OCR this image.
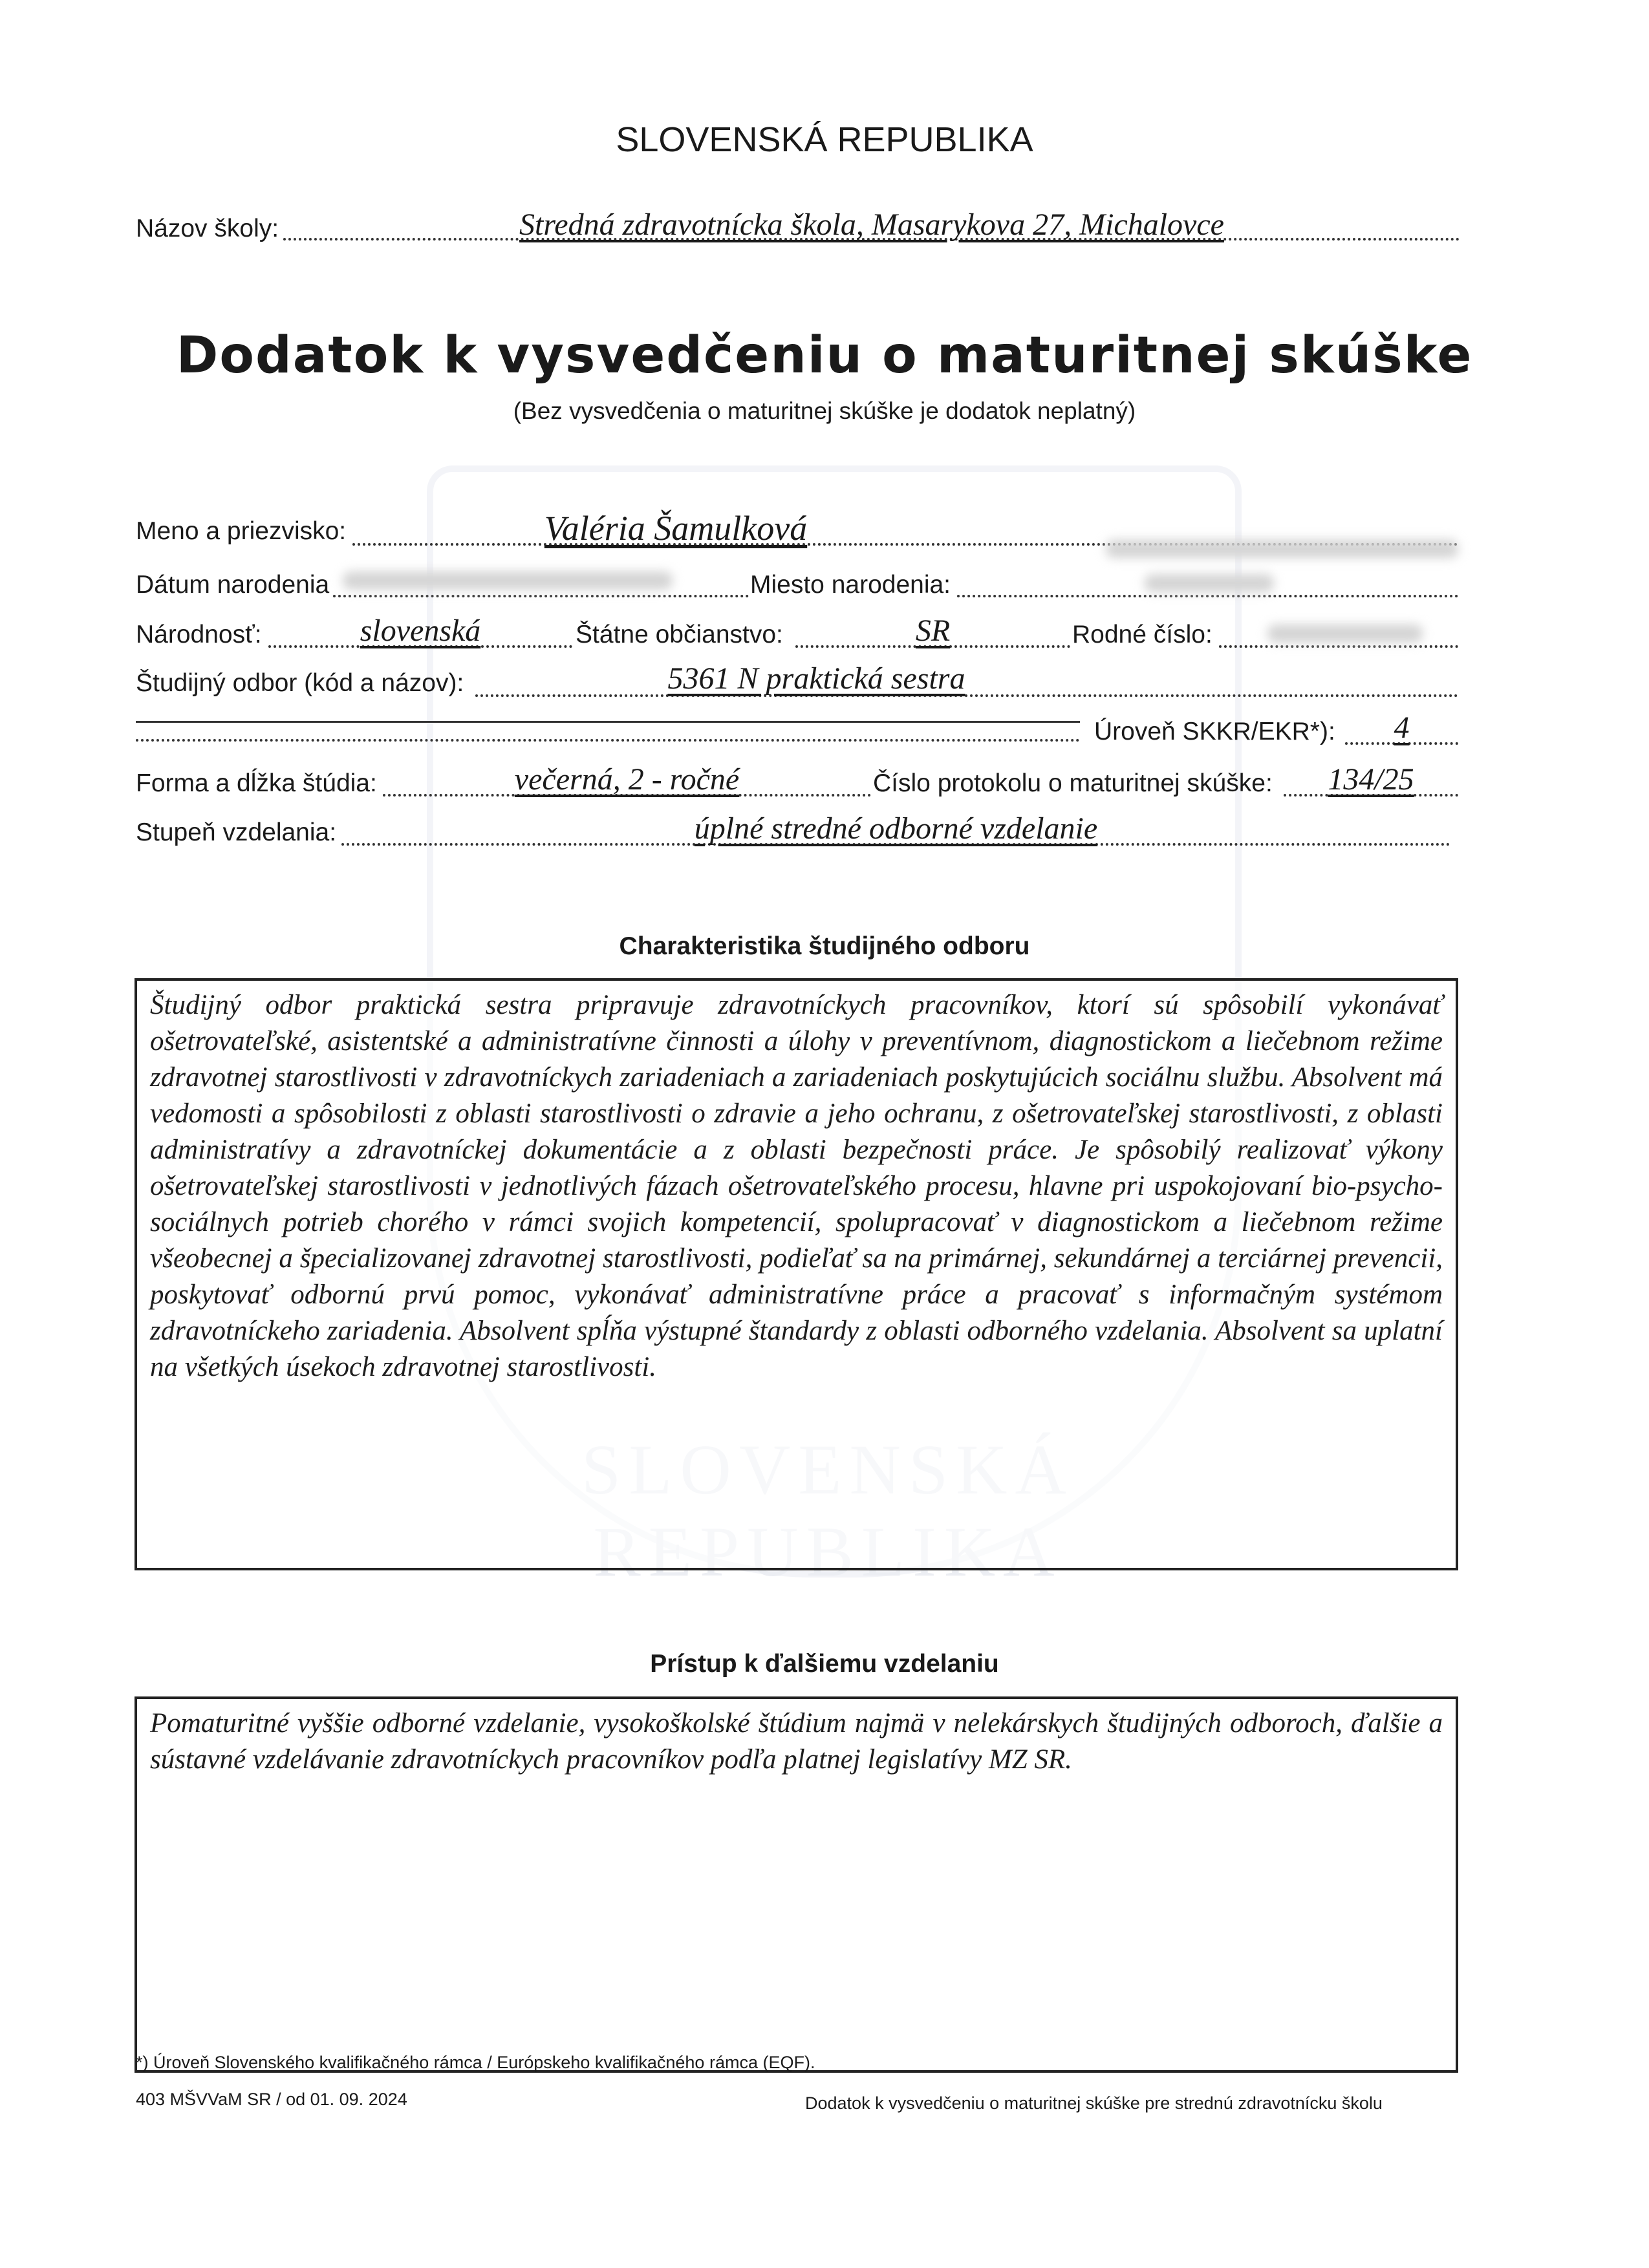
SLOVENSKÁ REPUBLIKA
Názov školy:	Stredná zdravotnícka škola, Masarykova 27, Michalovce
Dodatok k vysvedčeniu o maturitnej skúške
(Bez vysvedčenia o maturitnej skúške je dodatok neplatný)
Meno a priezvisko:	Valéria Šamulková
Dátum narodenia	Miesto narodenia:
Národnosť:	slovenská	Štátne občianstvo:	SR	Rodné číslo:
Študijný odbor (kód a názov):	5361 N praktická sestra
Úroveň SKKR/EKR*):	4
Forma a dĺžka štúdia:	večerná, 2 - ročné	Číslo protokolu o maturitnej skúške:	134/25
Stupeň vzdelania:	úplné stredné odborné vzdelanie
Charakteristika študijného odboru
Študijný odbor praktická sestra pripravuje zdravotníckych pracovníkov, ktorí sú spôsobilí vykonávať ošetrovateľské, asistentské a administratívne činnosti a úlohy v preventívnom, diagnostickom a liečebnom režime zdravotnej starostlivosti v zdravotníckych zariadeniach a zariadeniach poskytujúcich sociálnu službu. Absolvent má vedomosti a spôsobilosti z oblasti starostlivosti o zdravie a jeho ochranu, z ošetrovateľskej starostlivosti, z oblasti administratívy a zdravotníckej dokumentácie a z oblasti bezpečnosti práce. Je spôsobilý realizovať výkony ošetrovateľskej starostlivosti v jednotlivých fázach ošetrovateľského procesu, hlavne pri uspokojovaní bio-psycho-sociálnych potrieb chorého v rámci svojich kompetencií, spolupracovať v diagnostickom a liečebnom režime všeobecnej a špecializovanej zdravotnej starostlivosti, podieľať sa na primárnej, sekundárnej a terciárnej prevencii, poskytovať odbornú prvú pomoc, vykonávať administratívne práce a pracovať s informačným systémom zdravotníckeho zariadenia. Absolvent spĺňa výstupné štandardy z oblasti odborného vzdelania. Absolvent sa uplatní na všetkých úsekoch zdravotnej starostlivosti.
Prístup k ďalšiemu vzdelaniu
Pomaturitné vyššie odborné vzdelanie, vysokoškolské štúdium najmä v nelekárskych študijných odboroch, ďalšie a sústavné vzdelávanie zdravotníckych pracovníkov podľa platnej legislatívy MZ SR.
*) Úroveň Slovenského kvalifikačného rámca / Európskeho kvalifikačného rámca (EQF).
403 MŠVVaM SR / od 01. 09. 2024	Dodatok k vysvedčeniu o maturitnej skúške pre strednú zdravotnícku školu
